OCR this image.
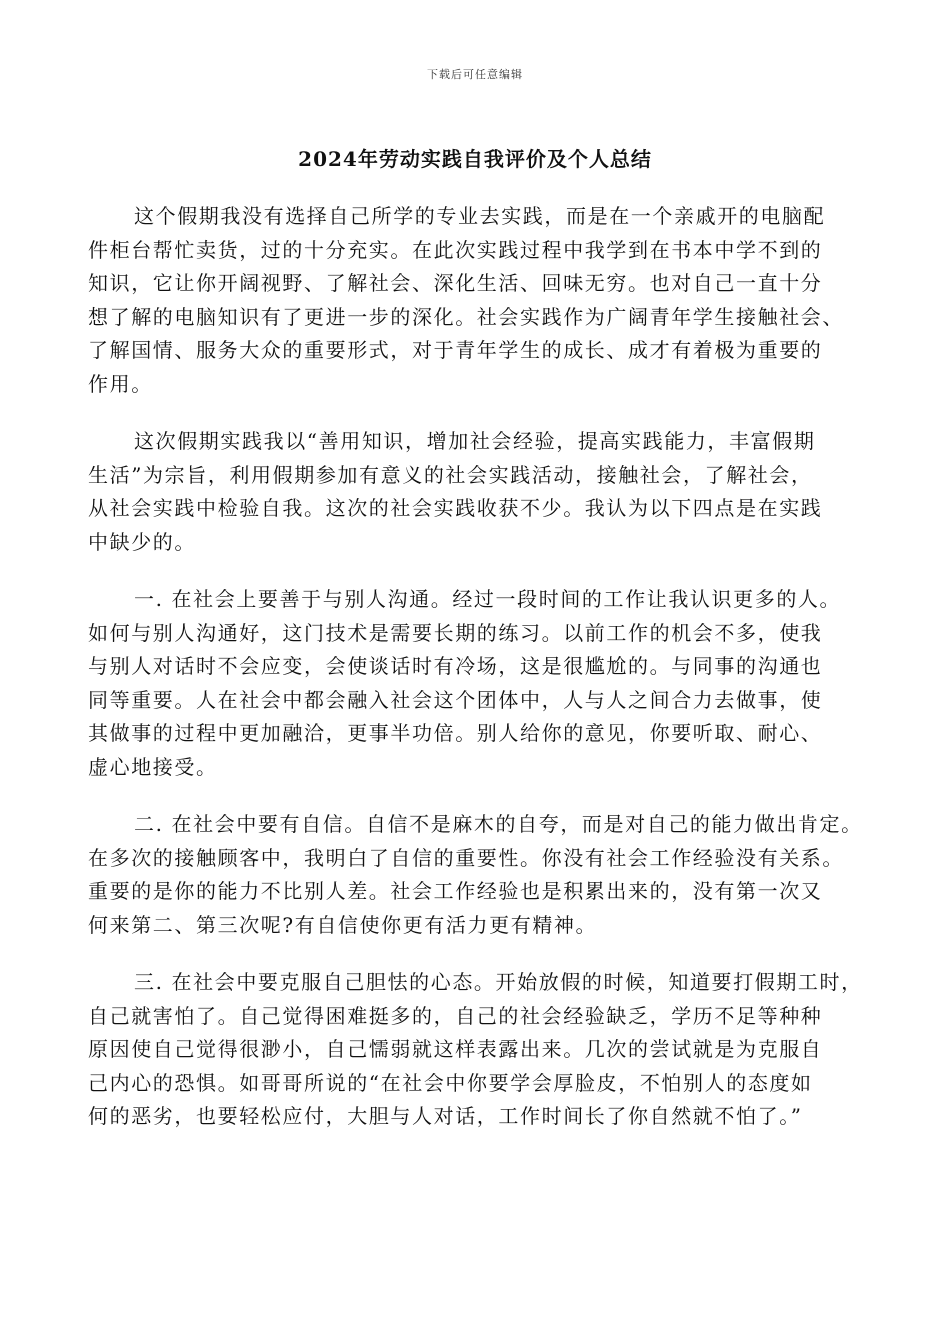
下载后可任意编辑
2024年劳动实践自我评价及个人总结
这个假期我没有选择自己所学的专业去实践，而是在一个亲戚开的电脑配
件柜台帮忙卖货，过的十分充实。在此次实践过程中我学到在书本中学不到的
知识，它让你开阔视野、了解社会、深化生活、回味无穷。也对自己一直十分
想了解的电脑知识有了更进一步的深化。社会实践作为广阔青年学生接触社会、
了解国情、服务大众的重要形式，对于青年学生的成长、成才有着极为重要的
作用。
这次假期实践我以“善用知识，增加社会经验，提高实践能力，丰富假期
生活”为宗旨，利用假期参加有意义的社会实践活动，接触社会，了解社会，
从社会实践中检验自我。这次的社会实践收获不少。我认为以下四点是在实践
中缺少的。
一. 在社会上要善于与别人沟通。经过一段时间的工作让我认识更多的人。
如何与别人沟通好，这门技术是需要长期的练习。以前工作的机会不多，使我
与别人对话时不会应变，会使谈话时有冷场，这是很尴尬的。与同事的沟通也
同等重要。人在社会中都会融入社会这个团体中，人与人之间合力去做事，使
其做事的过程中更加融洽，更事半功倍。别人给你的意见，你要听取、耐心、
虚心地接受。
二. 在社会中要有自信。自信不是麻木的自夸，而是对自己的能力做出肯定。
在多次的接触顾客中，我明白了自信的重要性。你没有社会工作经验没有关系。
重要的是你的能力不比别人差。社会工作经验也是积累出来的，没有第一次又
何来第二、第三次呢?有自信使你更有活力更有精神。
三. 在社会中要克服自己胆怯的心态。开始放假的时候，知道要打假期工时，
自己就害怕了。自己觉得困难挺多的，自己的社会经验缺乏，学历不足等种种
原因使自己觉得很渺小，自己懦弱就这样表露出来。几次的尝试就是为克服自
己内心的恐惧。如哥哥所说的“在社会中你要学会厚脸皮，不怕别人的态度如
何的恶劣，也要轻松应付，大胆与人对话，工作时间长了你自然就不怕了。”
